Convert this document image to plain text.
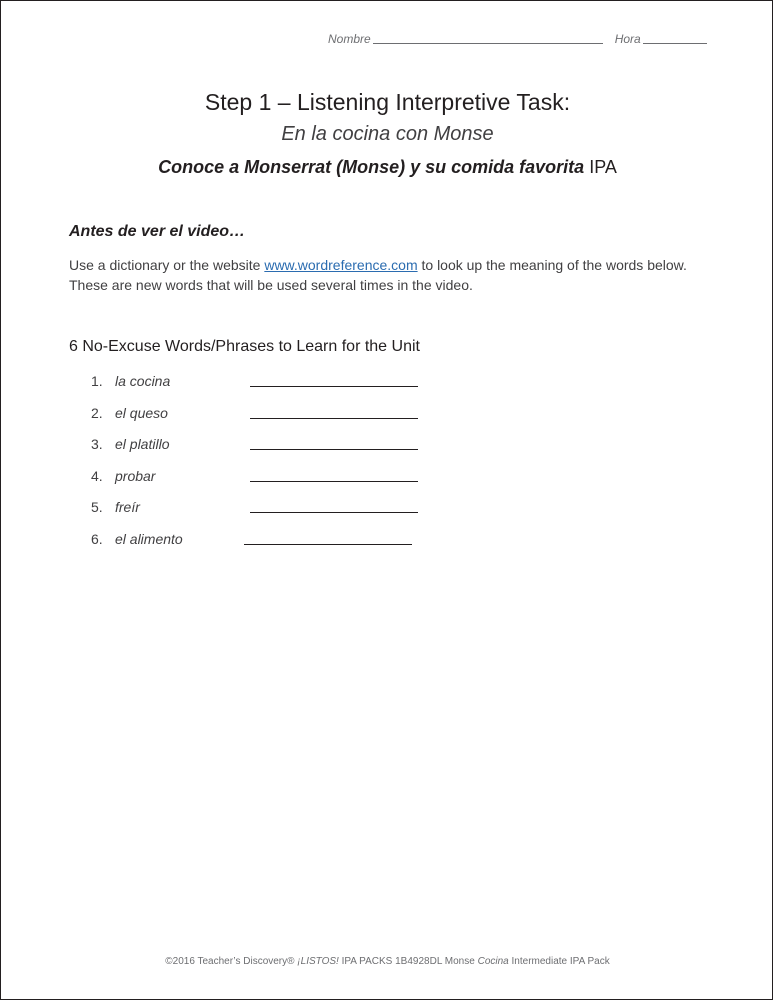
Nombre	Hora
Step 1 – Listening Interpretive Task:
En la cocina con Monse
Conoce a Monserrat (Monse) y su comida favorita IPA
Antes de ver el video…
Use a dictionary or the website www.wordreference.com to look up the meaning of the words below. These are new words that will be used several times in the video.
6 No-Excuse Words/Phrases to Learn for the Unit
1. la cocina
2. el queso
3. el platillo
4. probar
5. freír
6. el alimento
©2016 Teacher’s Discovery® ¡LISTOS! IPA PACKS 1B4928DL Monse Cocina Intermediate IPA Pack
